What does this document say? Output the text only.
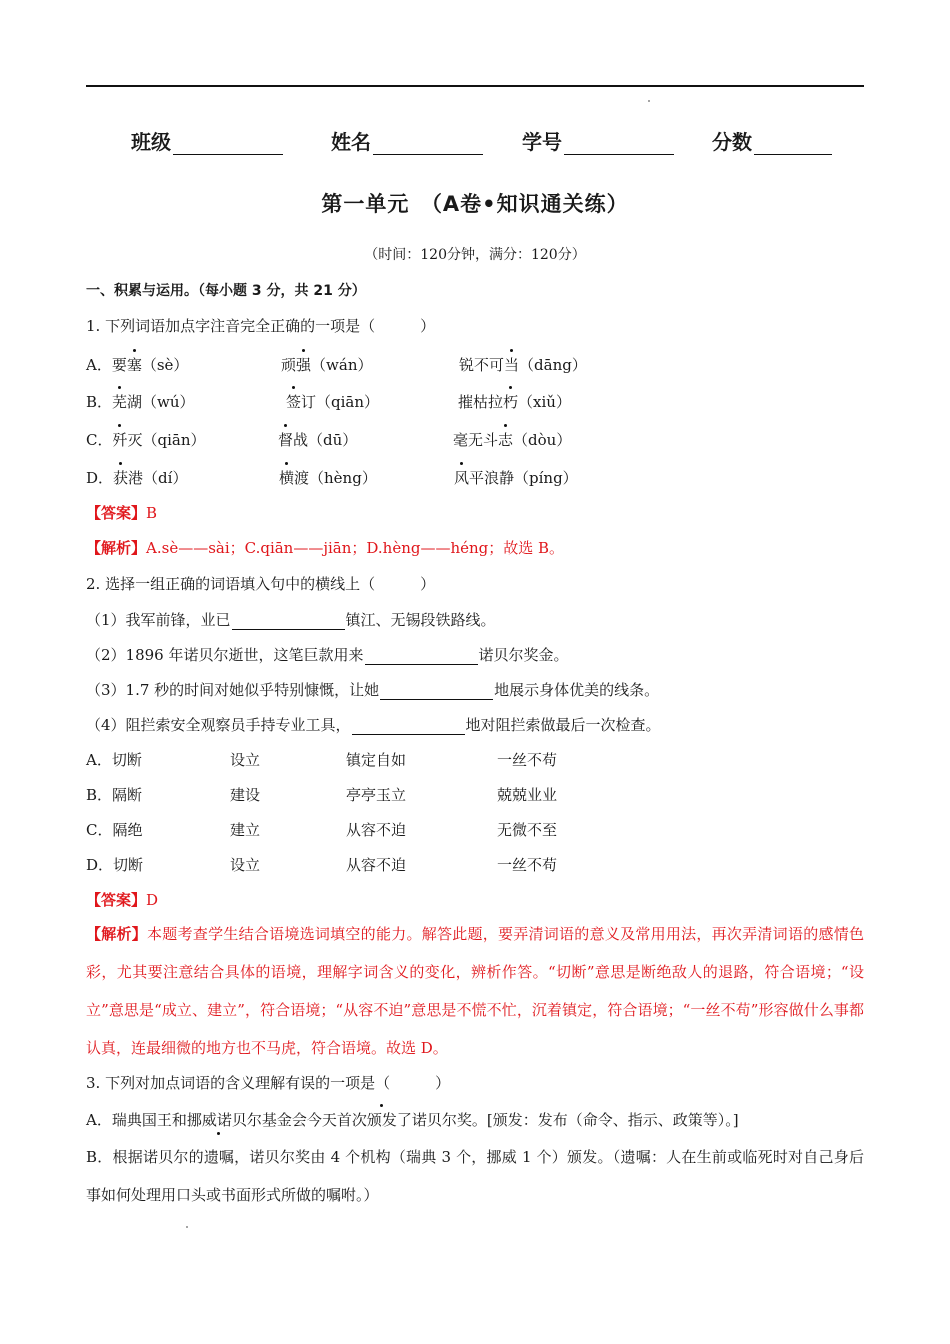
班级	姓名	学号	分数
第一单元　（A卷•知识通关练）
（时间：120分钟，满分：120分）
一、积累与运用。（每小题 3 分，共 21 分）
1. 下列词语加点字注音完全正确的一项是（　　　）
A．要塞（sè）	顽强（wán）	锐不可当（dāng）
B．芜湖（wú）	签订（qiān）	摧枯拉朽（xiǔ）
C．歼灭（qiān）	督战（dū）	毫无斗志（dòu）
D．获港（dí）	横渡（hèng）	风平浪静（píng）
【答案】B
【解析】A.sè——sài；C.qiān——jiān；D.hèng——héng；故选 B。
2. 选择一组正确的词语填入句中的横线上（　　　）
（1）我军前锋，业已	镇江、无锡段铁路线。
（2）1896 年诺贝尔逝世，这笔巨款用来	诺贝尔奖金。
（3）1.7 秒的时间对她似乎特别慷慨，让她	地展示身体优美的线条。
（4）阻拦索安全观察员手持专业工具，	地对阻拦索做最后一次检查。
A．切断	设立	镇定自如	一丝不苟
B．隔断	建设	亭亭玉立	兢兢业业
C．隔绝	建立	从容不迫	无微不至
D．切断	设立	从容不迫	一丝不苟
【答案】D
【解析】本题考查学生结合语境选词填空的能力。解答此题，要弄清词语的意义及常用用法，再次弄清词语的感情色彩，尤其要注意结合具体的语境，理解字词含义的变化，辨析作答。“切断”意思是断绝敌人的退路，符合语境；“设立”意思是“成立、建立”，符合语境；“从容不迫”意思是不慌不忙，沉着镇定，符合语境；“一丝不苟”形容做什么事都认真，连最细微的地方也不马虎，符合语境。故选 D。
3. 下列对加点词语的含义理解有误的一项是（　　　）
A．瑞典国王和挪威诺贝尔基金会今天首次颁发了诺贝尔奖。[颁发：发布（命令、指示、政策等）。]
B．根据诺贝尔的遗嘱，诺贝尔奖由 4 个机构（瑞典 3 个，挪威 1 个）颁发。（遗嘱：人在生前或临死时对自己身后事如何处理用口头或书面形式所做的嘱咐。）
